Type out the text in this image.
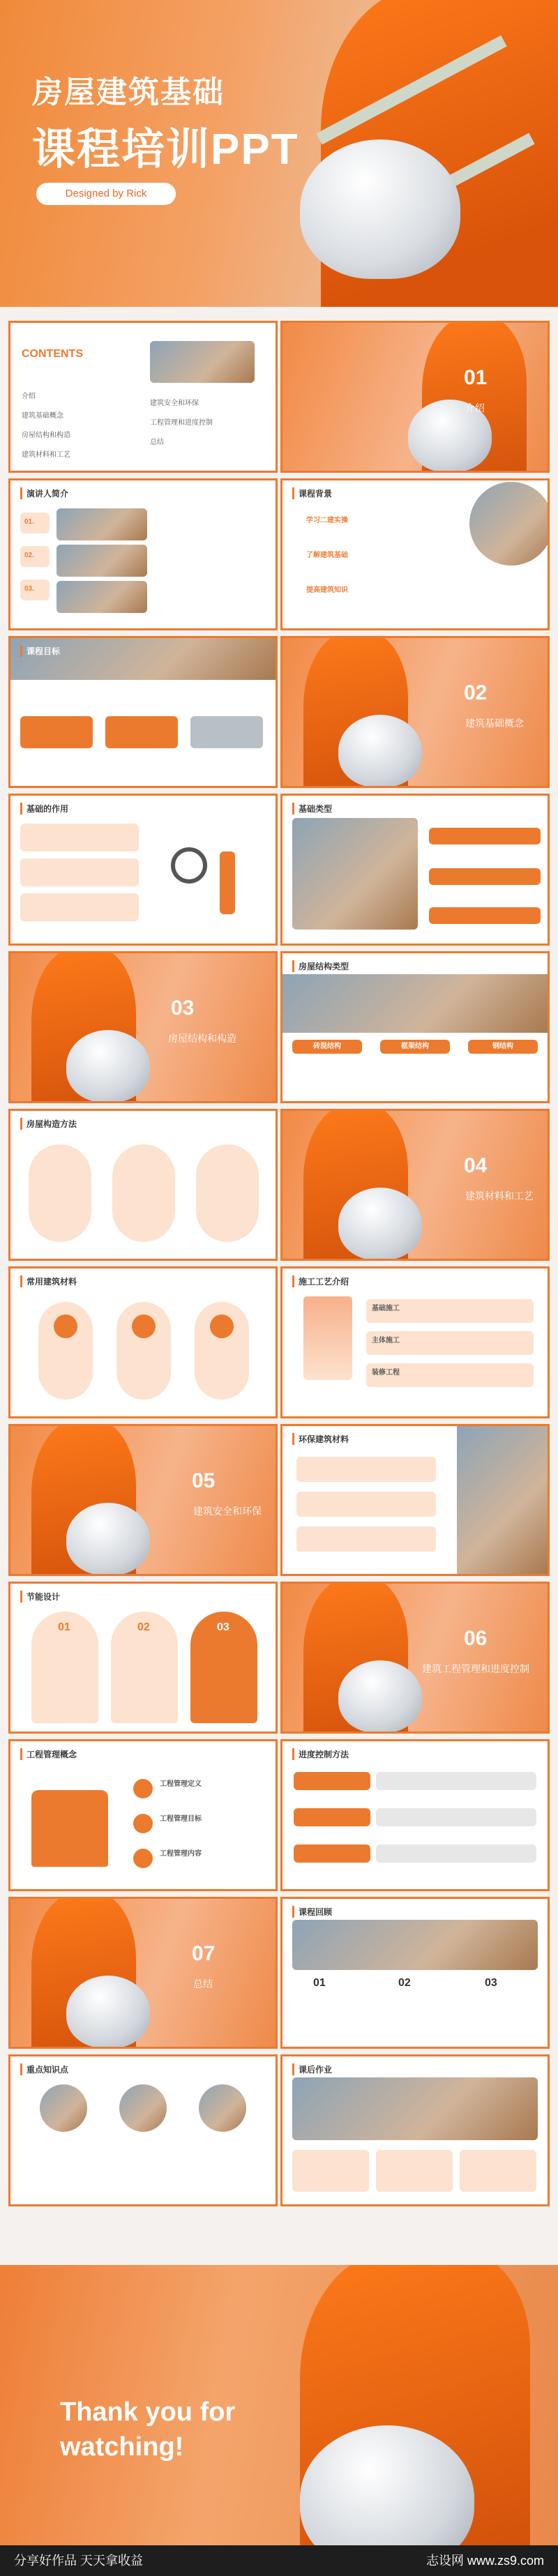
房屋建筑基础
课程培训PPT
Designed by Rick
CONTENTS
介绍
建筑安全和环保
建筑基础概念
工程管理和进度控制
房屋结构和构造
总结
建筑材料和工艺
01
介绍
演讲人简介
01.
02.
03.
课程背景
学习二建实操
了解建筑基础
提高建筑知识
课程目标
02
建筑基础概念
基础的作用	基础类型
03
房屋结构和构造
房屋结构类型
砖混结构	框架结构	钢结构
房屋构造方法
04
建筑材料和工艺
常用建筑材料	施工工艺介绍
基础施工
主体施工
装修工程
05
建筑安全和环保
环保建筑材料
节能设计
01	02	03	06
建筑工程管理和进度控制
工程管理概念
工程管理定义
工程管理目标
工程管理内容
进度控制方法
07
总结
课程回顾
01	02	03
重点知识点	课后作业
Thank you for
watching!
分享好作品 天天拿收益	志设网 www.zs9.com
